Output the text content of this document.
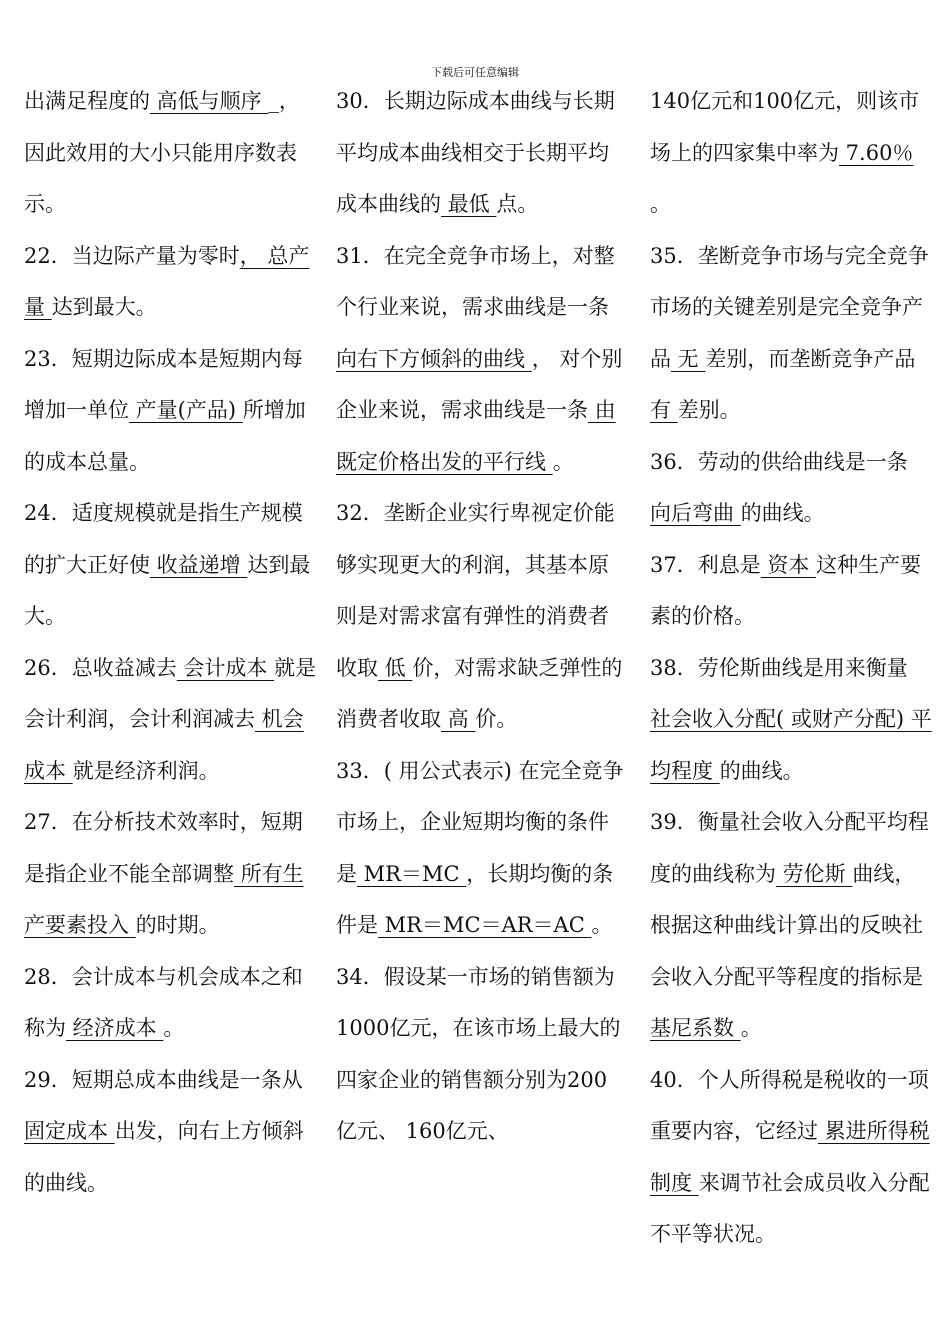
下载后可任意编辑

出满足程度的 高低与顺序 _，因此效用的大小只能用序数表示。

22．当边际产量为零时， 总产量 达到最大。

23．短期边际成本是短期内每增加一单位 产量(产品) 所增加的成本总量。

24．适度规模就是指生产规模的扩大正好使 收益递增 达到最大。

26．总收益减去 会计成本 就是会计利润，会计利润减去 机会成本 就是经济利润。

27．在分析技术效率时，短期是指企业不能全部调整 所有生产要素投入 的时期。

28．会计成本与机会成本之和称为 经济成本 。

29．短期总成本曲线是一条从 固定成本 出发，向右上方倾斜的曲线。

30．长期边际成本曲线与长期平均成本曲线相交于长期平均成本曲线的 最低 点。

31．在完全竞争市场上，对整个行业来说，需求曲线是一条 向右下方倾斜的曲线 ， 对个别企业来说，需求曲线是一条 由既定价格出发的平行线 。

32．垄断企业实行卑视定价能够实现更大的利润，其基本原则是对需求富有弹性的消费者收取 低 价，对需求缺乏弹性的消费者收取 高 价。

33．( 用公式表示) 在完全竞争市场上，企业短期均衡的条件是 MR＝MC ，长期均衡的条件是 MR＝MC＝AR＝AC 。

34．假设某一市场的销售额为1000亿元，在该市场上最大的四家企业的销售额分别为200亿元、 160亿元、

140亿元和100亿元，则该市场上的四家集中率为 7.60％ 。

35．垄断竞争市场与完全竞争市场的关键差别是完全竞争产品 无 差别，而垄断竞争产品 有 差别。

36．劳动的供给曲线是一条 向后弯曲 的曲线。

37．利息是 资本 这种生产要素的价格。

38．劳伦斯曲线是用来衡量 社会收入分配( 或财产分配) 平均程度 的曲线。

39．衡量社会收入分配平均程度的曲线称为 劳伦斯 曲线，根据这种曲线计算出的反映社会收入分配平等程度的指标是 基尼系数 。

40．个人所得税是税收的一项重要内容，它经过 累进所得税制度 来调节社会成员收入分配不平等状况。
